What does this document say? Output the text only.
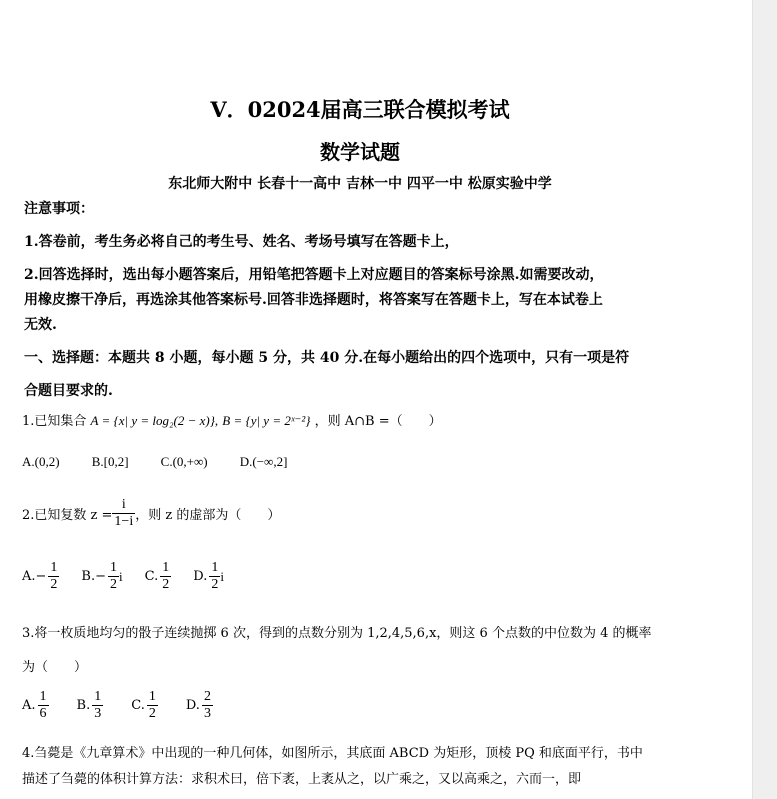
V．02024届高三联合模拟考试
数学试题
东北师大附中 长春十一高中 吉林一中 四平一中 松原实验中学
注意事项：
1.答卷前，考生务必将自己的考生号、姓名、考场号填写在答题卡上，
2.回答选择时，选出每小题答案后，用铅笔把答题卡上对应题目的答案标号涂黑.如需要改动，
用橡皮擦干净后，再选涂其他答案标号.回答非选择题时，将答案写在答题卡上，写在本试卷上
无效.
一、选择题：本题共 8 小题，每小题 5 分，共 40 分.在每小题给出的四个选项中，只有一项是符
合题目要求的.
1.已知集合 A = {x| y = log₂(2 − x)}, B = {y| y = 2ˣ⁻²} ，则 A∩B =（　　）
A.(0,2) B.[0,2] C.(0,+∞) D.(−∞,2]
2.已知复数 $z = \frac{i}{1-i}$ ，则 z 的虚部为（　　）
$A.- \frac{1}{2} B.- \frac{1}{2}$ i C. $\frac{1}{2} D$. $\frac{1}{2}$ i
3.将一枚质地均匀的骰子连续抛掷 6 次，得到的点数分别为 1,2,4,5,6,x，则这 6 个点数的中位数为 4 的概率
为（　　）
A. $\frac{1}{6} B$. $\frac{1}{3} C$. $\frac{1}{2} D$. $\frac{2}{3}$
4.刍薨是《九章算术》中出现的一种几何体，如图所示，其底面 ABCD 为矩形，顶棱 PQ 和底面平行，书中
描述了刍薨的体积计算方法：求积术曰，倍下袤，上袤从之，以广乘之，又以高乘之，六而一，即
